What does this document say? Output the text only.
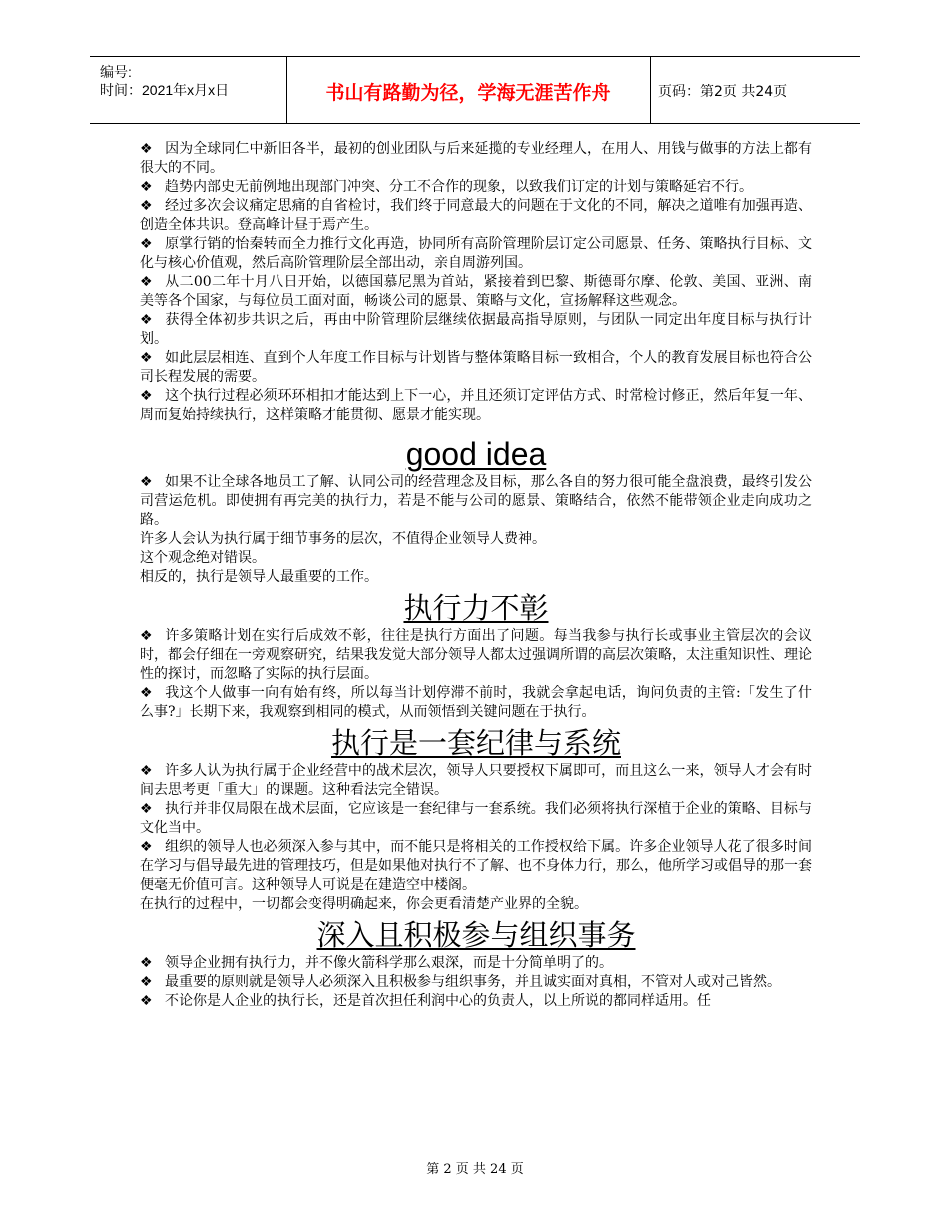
编号:
时间：2021年x月x日	书山有路勤为径，学海无涯苦作舟	页码：第2页 共24页

❖ 因为全球同仁中新旧各半，最初的创业团队与后来延揽的专业经理人，在用人、用钱与做事的方法上都有很大的不同。

❖ 趋势内部史无前例地出现部门冲突、分工不合作的现象，以致我们订定的计划与策略延宕不行。

❖ 经过多次会议痛定思痛的自省检讨，我们终于同意最大的问题在于文化的不同，解决之道唯有加强再造、创造全体共识。登高峰计昼于焉产生。

❖ 原掌行销的怡秦转而全力推行文化再造，协同所有高阶管理阶层订定公司愿景、任务、策略执行目标、文化与核心价值观，然后高阶管理阶层全部出动，亲自周游列国。

❖ 从二00二年十月八日开始，以德国慕尼黑为首站，紧接着到巴黎、斯德哥尔摩、伦敦、美国、亚洲、南美等各个国家，与每位员工面对面，畅谈公司的愿景、策略与文化，宣扬解释这些观念。

❖ 获得全体初步共识之后，再由中阶管理阶层继续依据最高指导原则，与团队一同定出年度目标与执行计划。

❖ 如此层层相连、直到个人年度工作目标与计划皆与整体策略目标一致相合，个人的教育发展目标也符合公司长程发展的需要。

❖ 这个执行过程必须环环相扣才能达到上下一心，并且还须订定评估方式、时常检讨修正，然后年复一年、周而复始持续执行，这样策略才能贯彻、愿景才能实现。

good idea

❖ 如果不让全球各地员工了解、认同公司的经营理念及目标，那么各自的努力很可能全盘浪费，最终引发公司营运危机。即使拥有再完美的执行力，若是不能与公司的愿景、策略结合，依然不能带领企业走向成功之路。

许多人会认为执行属于细节事务的层次，不值得企业领导人费神。

这个观念绝对错误。

相反的，执行是领导人最重要的工作。

执行力不彰

❖ 许多策略计划在实行后成效不彰，往往是执行方面出了问题。每当我参与执行长或事业主管层次的会议时，都会仔细在一旁观察研究，结果我发觉大部分领导人都太过强调所谓的高层次策略，太注重知识性、理论性的探讨，而忽略了实际的执行层面。

❖ 我这个人做事一向有始有终，所以每当计划停滞不前时，我就会拿起电话，询问负责的主管:「发生了什么事?」长期下来，我观察到相同的模式，从而领悟到关键问题在于执行。

执行是一套纪律与系统

❖ 许多人认为执行属于企业经营中的战术层次，领导人只要授权下属即可，而且这么一来，领导人才会有时间去思考更「重大」的课题。这种看法完全错误。

❖ 执行并非仅局限在战术层面，它应该是一套纪律与一套系统。我们必须将执行深植于企业的策略、目标与文化当中。

❖ 组织的领导人也必须深入参与其中，而不能只是将相关的工作授权给下属。许多企业领导人花了很多时间在学习与倡导最先进的管理技巧，但是如果他对执行不了解、也不身体力行，那么，他所学习或倡导的那一套便毫无价值可言。这种领导人可说是在建造空中楼阁。

在执行的过程中，一切都会变得明确起来，你会更看清楚产业界的全貌。

深入且积极参与组织事务

❖ 领导企业拥有执行力，并不像火箭科学那么艰深，而是十分简单明了的。

❖ 最重要的原则就是领导人必须深入且积极参与组织事务，并且诚实面对真相，不管对人或对己皆然。

❖ 不论你是人企业的执行长，还是首次担任利润中心的负责人，以上所说的都同样适用。任

第 2 页 共 24 页
